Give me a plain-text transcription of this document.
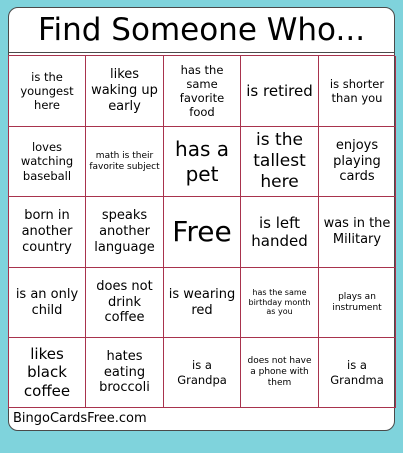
Find Someone Who...
is the youngest here
likes waking up early
has the same favorite food
is retired	is shorter than you
loves watching baseball
math is their favorite subject
has a pet
is the tallest here
enjoys playing cards
born in another country
speaks another language Free	is left handed
was in the Military
is an only child
does not drink coffee
is wearing red
has the same birthday month as you
plays an instrument
likes black coffee
hates eating broccoli
is a Grandpa
does not have a phone with them
is a Grandma
BingoCardsFree.com
